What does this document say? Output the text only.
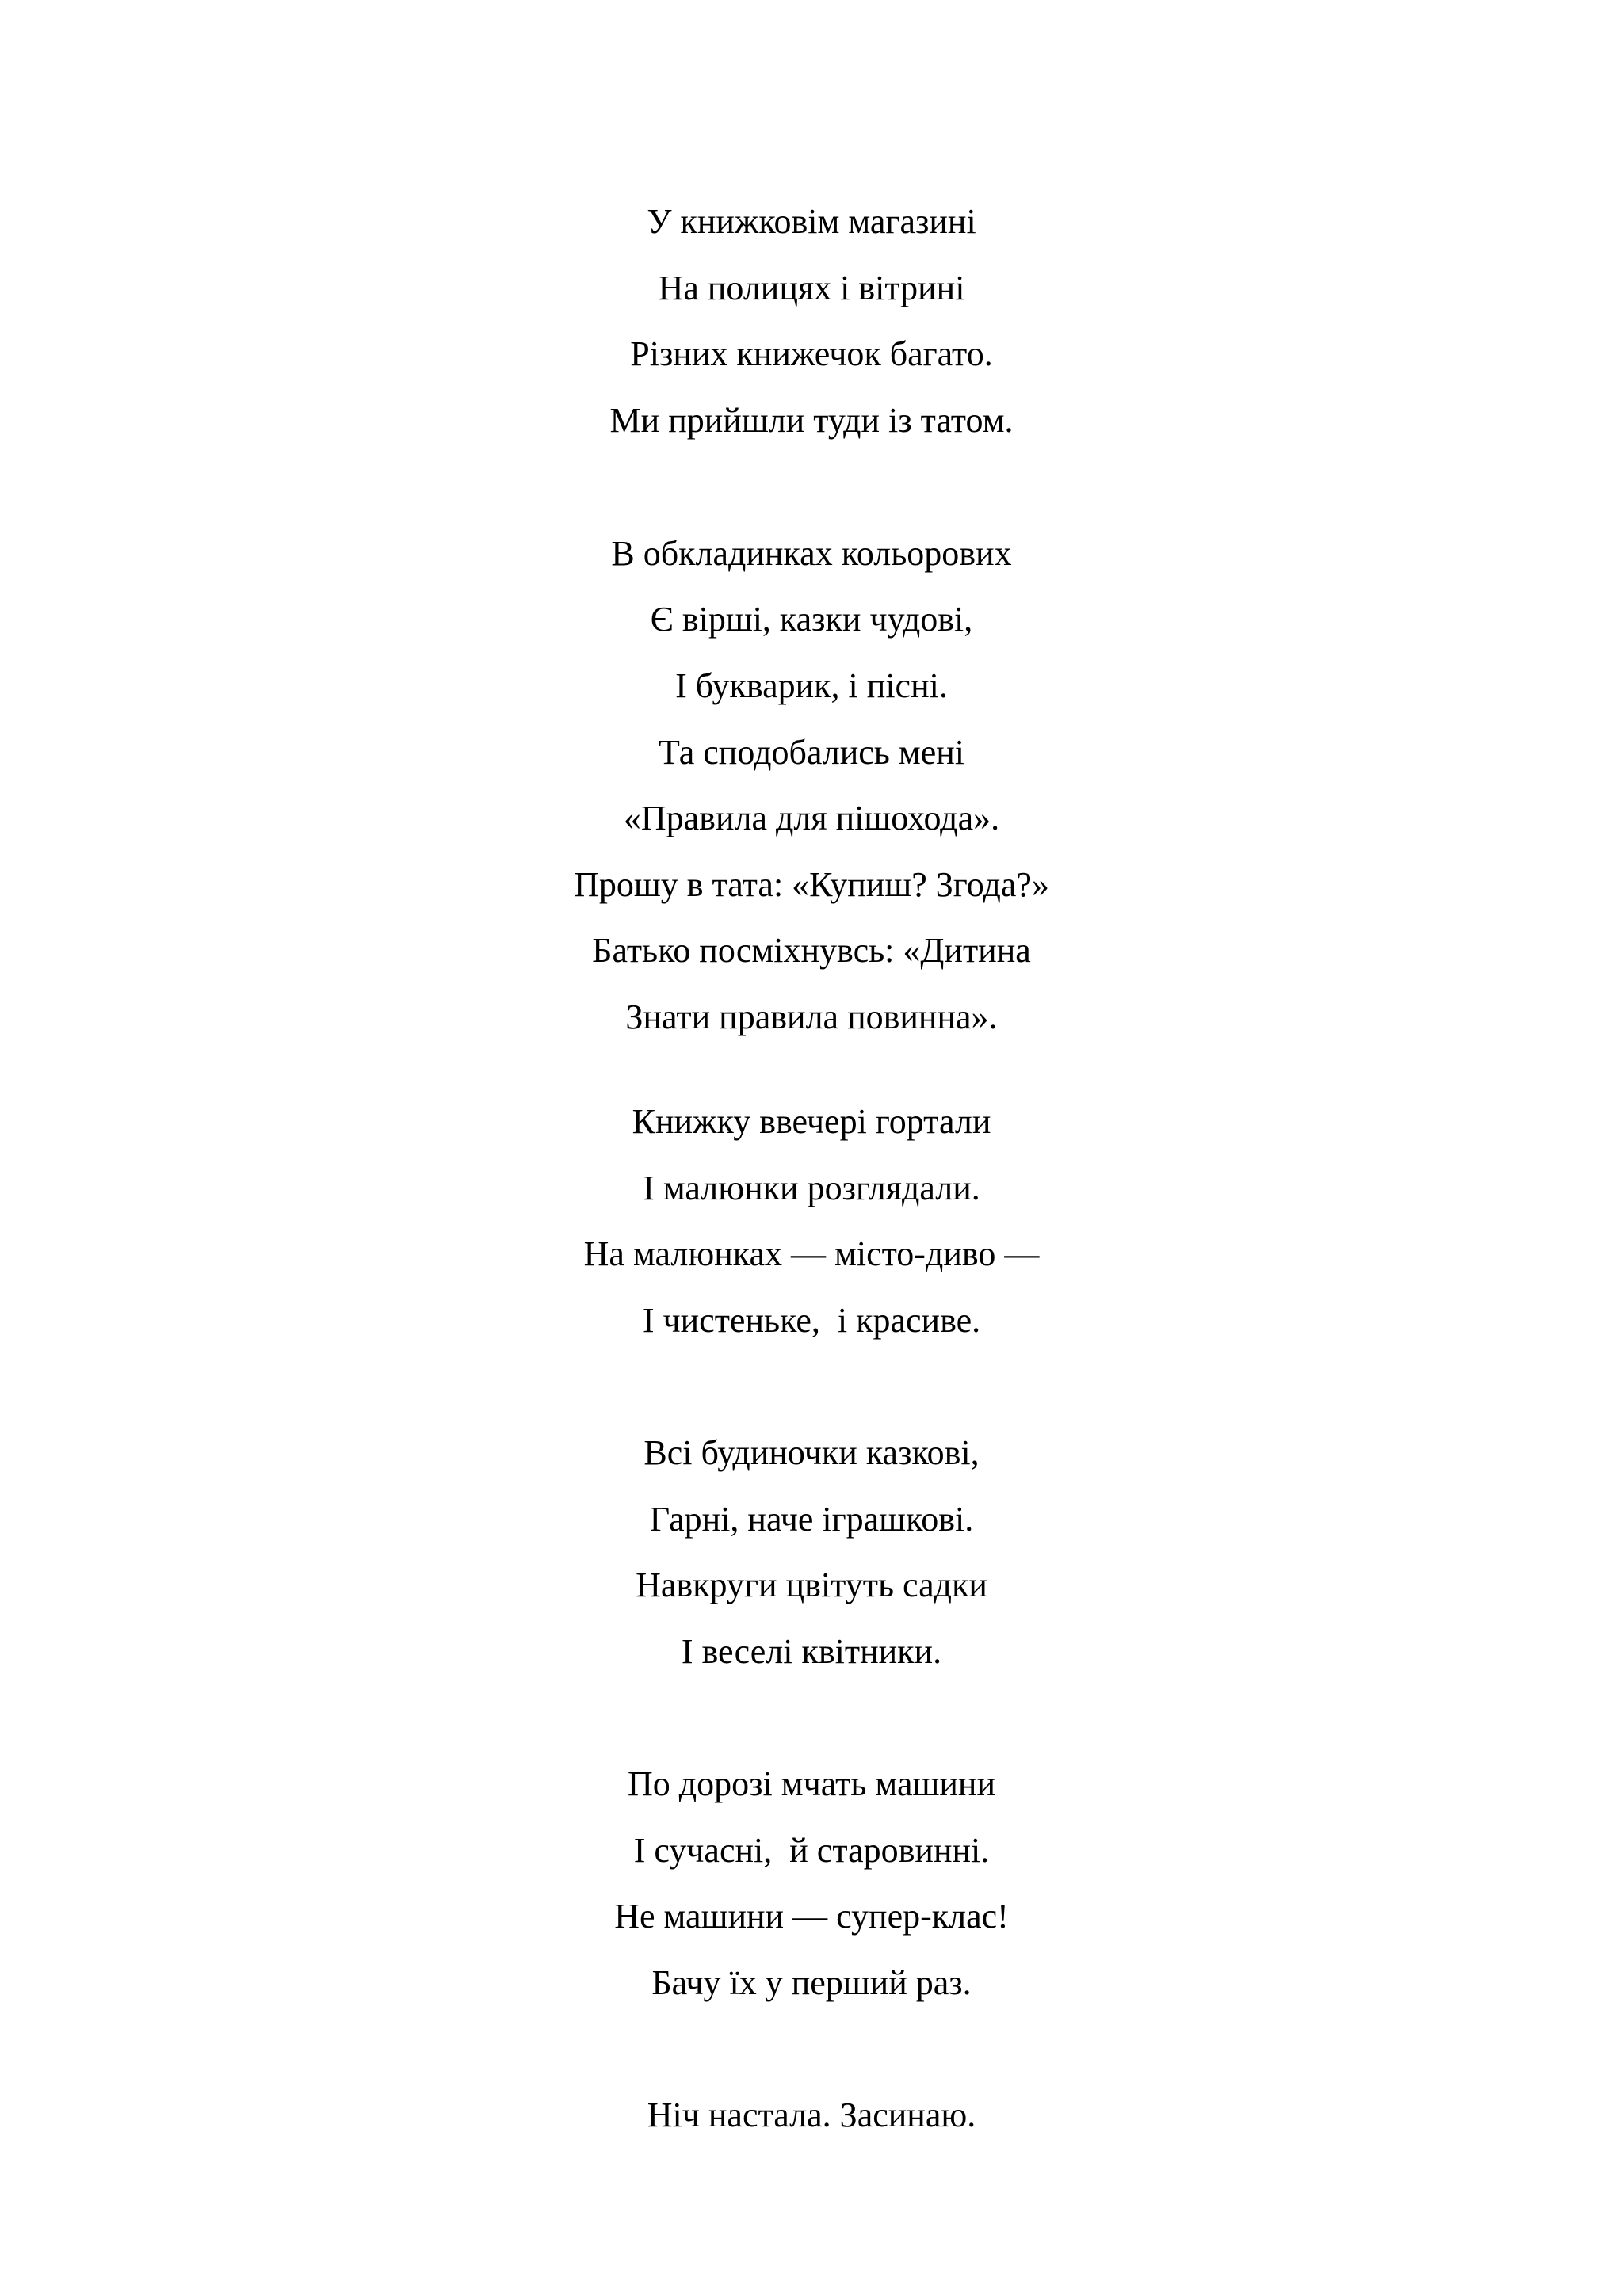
У книжковім магазині
На полицях і вітрині
Різних книжечок багато.
Ми прийшли туди із татом.
В обкладинках кольорових
Є вірші, казки чудові,
І букварик, і пісні.
Та сподобались мені
«Правила для пішохода».
Прошу в тата: «Купиш? Згода?»
Батько посміхнувсь: «Дитина
Знати правила повинна».
Книжку ввечері гортали
І малюнки розглядали.
На малюнках — місто-диво —
І чистеньке,  і красиве.
Всі будиночки казкові,
Гарні, наче іграшкові.
Навкруги цвітуть садки
І веселі квітники.
По дорозі мчать машини
І сучасні,  й старовинні.
Не машини — супер-клас!
Бачу їх у перший раз.
Ніч настала. Засинаю.
